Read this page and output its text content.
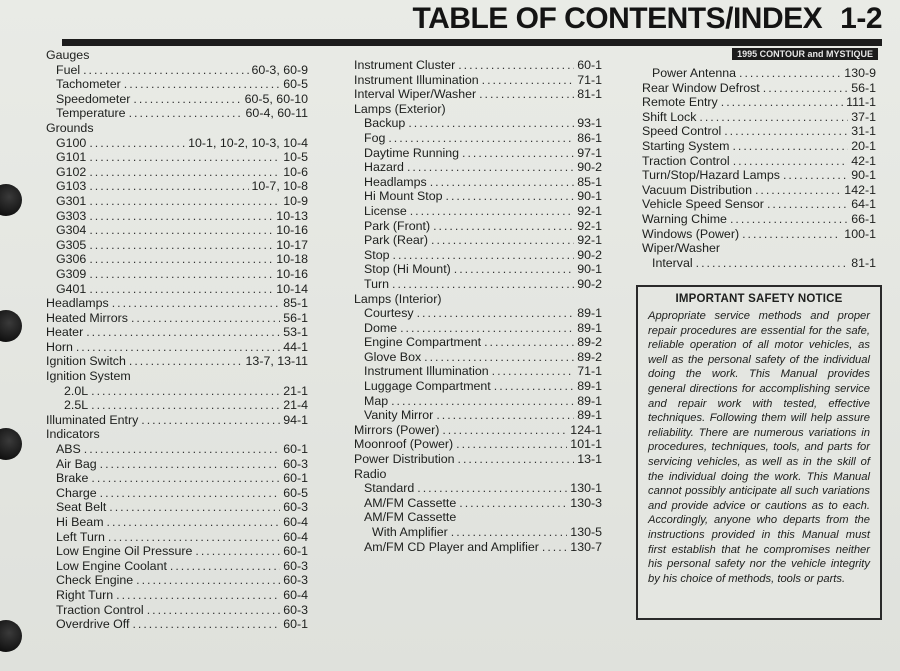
TABLE OF CONTENTS/INDEX 1-2
1995 CONTOUR and MYSTIQUE
Gauges
Fuel .....	60-3, 60-9
Tachometer .....	60-5
Speedometer .....	60-5, 60-10
Temperature .....	60-4, 60-11
Grounds
G100 .....	10-1, 10-2, 10-3, 10-4
G101 .....	10-5
G102 .....	10-6
G103 .....	10-7, 10-8
G301 .....	10-9
G303 .....	10-13
G304 .....	10-16
G305 .....	10-17
G306 .....	10-18
G309 .....	10-16
G401 .....	10-14
Headlamps .....	85-1
Heated Mirrors .....	56-1
Heater .....	53-1
Horn .....	44-1
Ignition Switch .....	13-7, 13-11
Ignition System
2.0L .....	21-1
2.5L .....	21-4
Illuminated Entry .....	94-1
Indicators
ABS .....	60-1
Air Bag .....	60-3
Brake .....	60-1
Charge .....	60-5
Seat Belt .....	60-3
Hi Beam .....	60-4
Left Turn .....	60-4
Low Engine Oil Pressure .....	60-1
Low Engine Coolant .....	60-3
Check Engine .....	60-3
Right Turn .....	60-4
Traction Control .....	60-3
Overdrive Off .....	60-1
Instrument Cluster .....	60-1
Instrument Illumination .....	71-1
Interval Wiper/Washer .....	81-1
Lamps (Exterior)
Backup .....	93-1
Fog .....	86-1
Daytime Running .....	97-1
Hazard .....	90-2
Headlamps .....	85-1
Hi Mount Stop .....	90-1
License .....	92-1
Park (Front) .....	92-1
Park (Rear) .....	92-1
Stop .....	90-2
Stop (Hi Mount) .....	90-1
Turn .....	90-2
Lamps (Interior)
Courtesy .....	89-1
Dome .....	89-1
Engine Compartment .....	89-2
Glove Box .....	89-2
Instrument Illumination .....	71-1
Luggage Compartment .....	89-1
Map .....	89-1
Vanity Mirror .....	89-1
Mirrors (Power) .....	124-1
Moonroof (Power) .....	101-1
Power Distribution .....	13-1
Radio
Standard .....	130-1
AM/FM Cassette .....	130-3
AM/FM Cassette
With Amplifier .....	130-5
Am/FM CD Player and Amplifier .....	130-7
Power Antenna .....	130-9
Rear Window Defrost .....	56-1
Remote Entry .....	111-1
Shift Lock .....	37-1
Speed Control .....	31-1
Starting System .....	20-1
Traction Control .....	42-1
Turn/Stop/Hazard Lamps .....	90-1
Vacuum Distribution .....	142-1
Vehicle Speed Sensor .....	64-1
Warning Chime .....	66-1
Windows (Power) .....	100-1
Wiper/Washer
Interval .....	81-1
IMPORTANT SAFETY NOTICE

Appropriate service methods and proper repair procedures are essential for the safe, reliable operation of all motor vehicles, as well as the personal safety of the individual doing the work. This Manual provides general directions for accomplishing service and repair work with tested, effective techniques. Following them will help assure reliability. There are numerous variations in procedures, techniques, tools, and parts for servicing vehicles, as well as in the skill of the individual doing the work. This Manual cannot possibly anticipate all such variations and provide advice or cautions as to each. Accordingly, anyone who departs from the instructions provided in this Manual must first establish that he compromises neither his personal safety nor the vehicle integrity by his choice of methods, tools or parts.
